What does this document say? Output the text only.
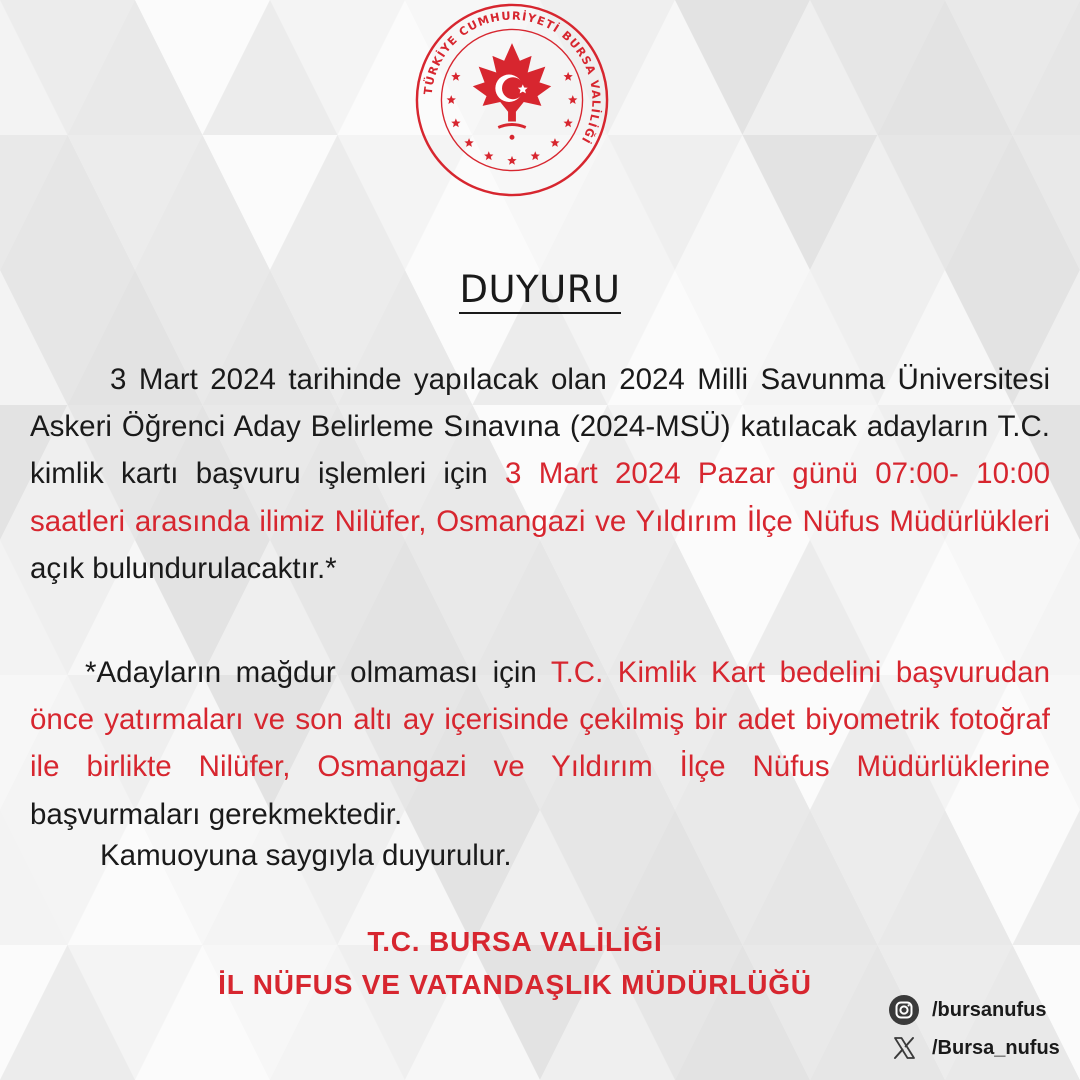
TÜRKİYE CUMHURİYETİ BURSA VALİLİĞİ
DUYURU
3 Mart 2024 tarihinde yapılacak olan 2024 Milli Savunma Üniversitesi Askeri Öğrenci Aday Belirleme Sınavına (2024-MSÜ) katılacak adayların T.C. kimlik kartı başvuru işlemleri için 3 Mart 2024 Pazar günü 07:00- 10:00 saatleri arasında ilimiz Nilüfer, Osmangazi ve Yıldırım İlçe Nüfus Müdürlükleri açık bulundurulacaktır.*
*Adayların mağdur olmaması için T.C. Kimlik Kart bedelini başvurudan önce yatırmaları ve son altı ay içerisinde çekilmiş bir adet biyometrik fotoğraf ile birlikte Nilüfer, Osmangazi ve Yıldırım İlçe Nüfus Müdürlüklerine başvurmaları gerekmektedir.
Kamuoyuna saygıyla duyurulur.
T.C. BURSA VALİLİĞİ
İL NÜFUS VE VATANDAŞLIK MÜDÜRLÜĞÜ
/bursanufus
/Bursa_nufus
